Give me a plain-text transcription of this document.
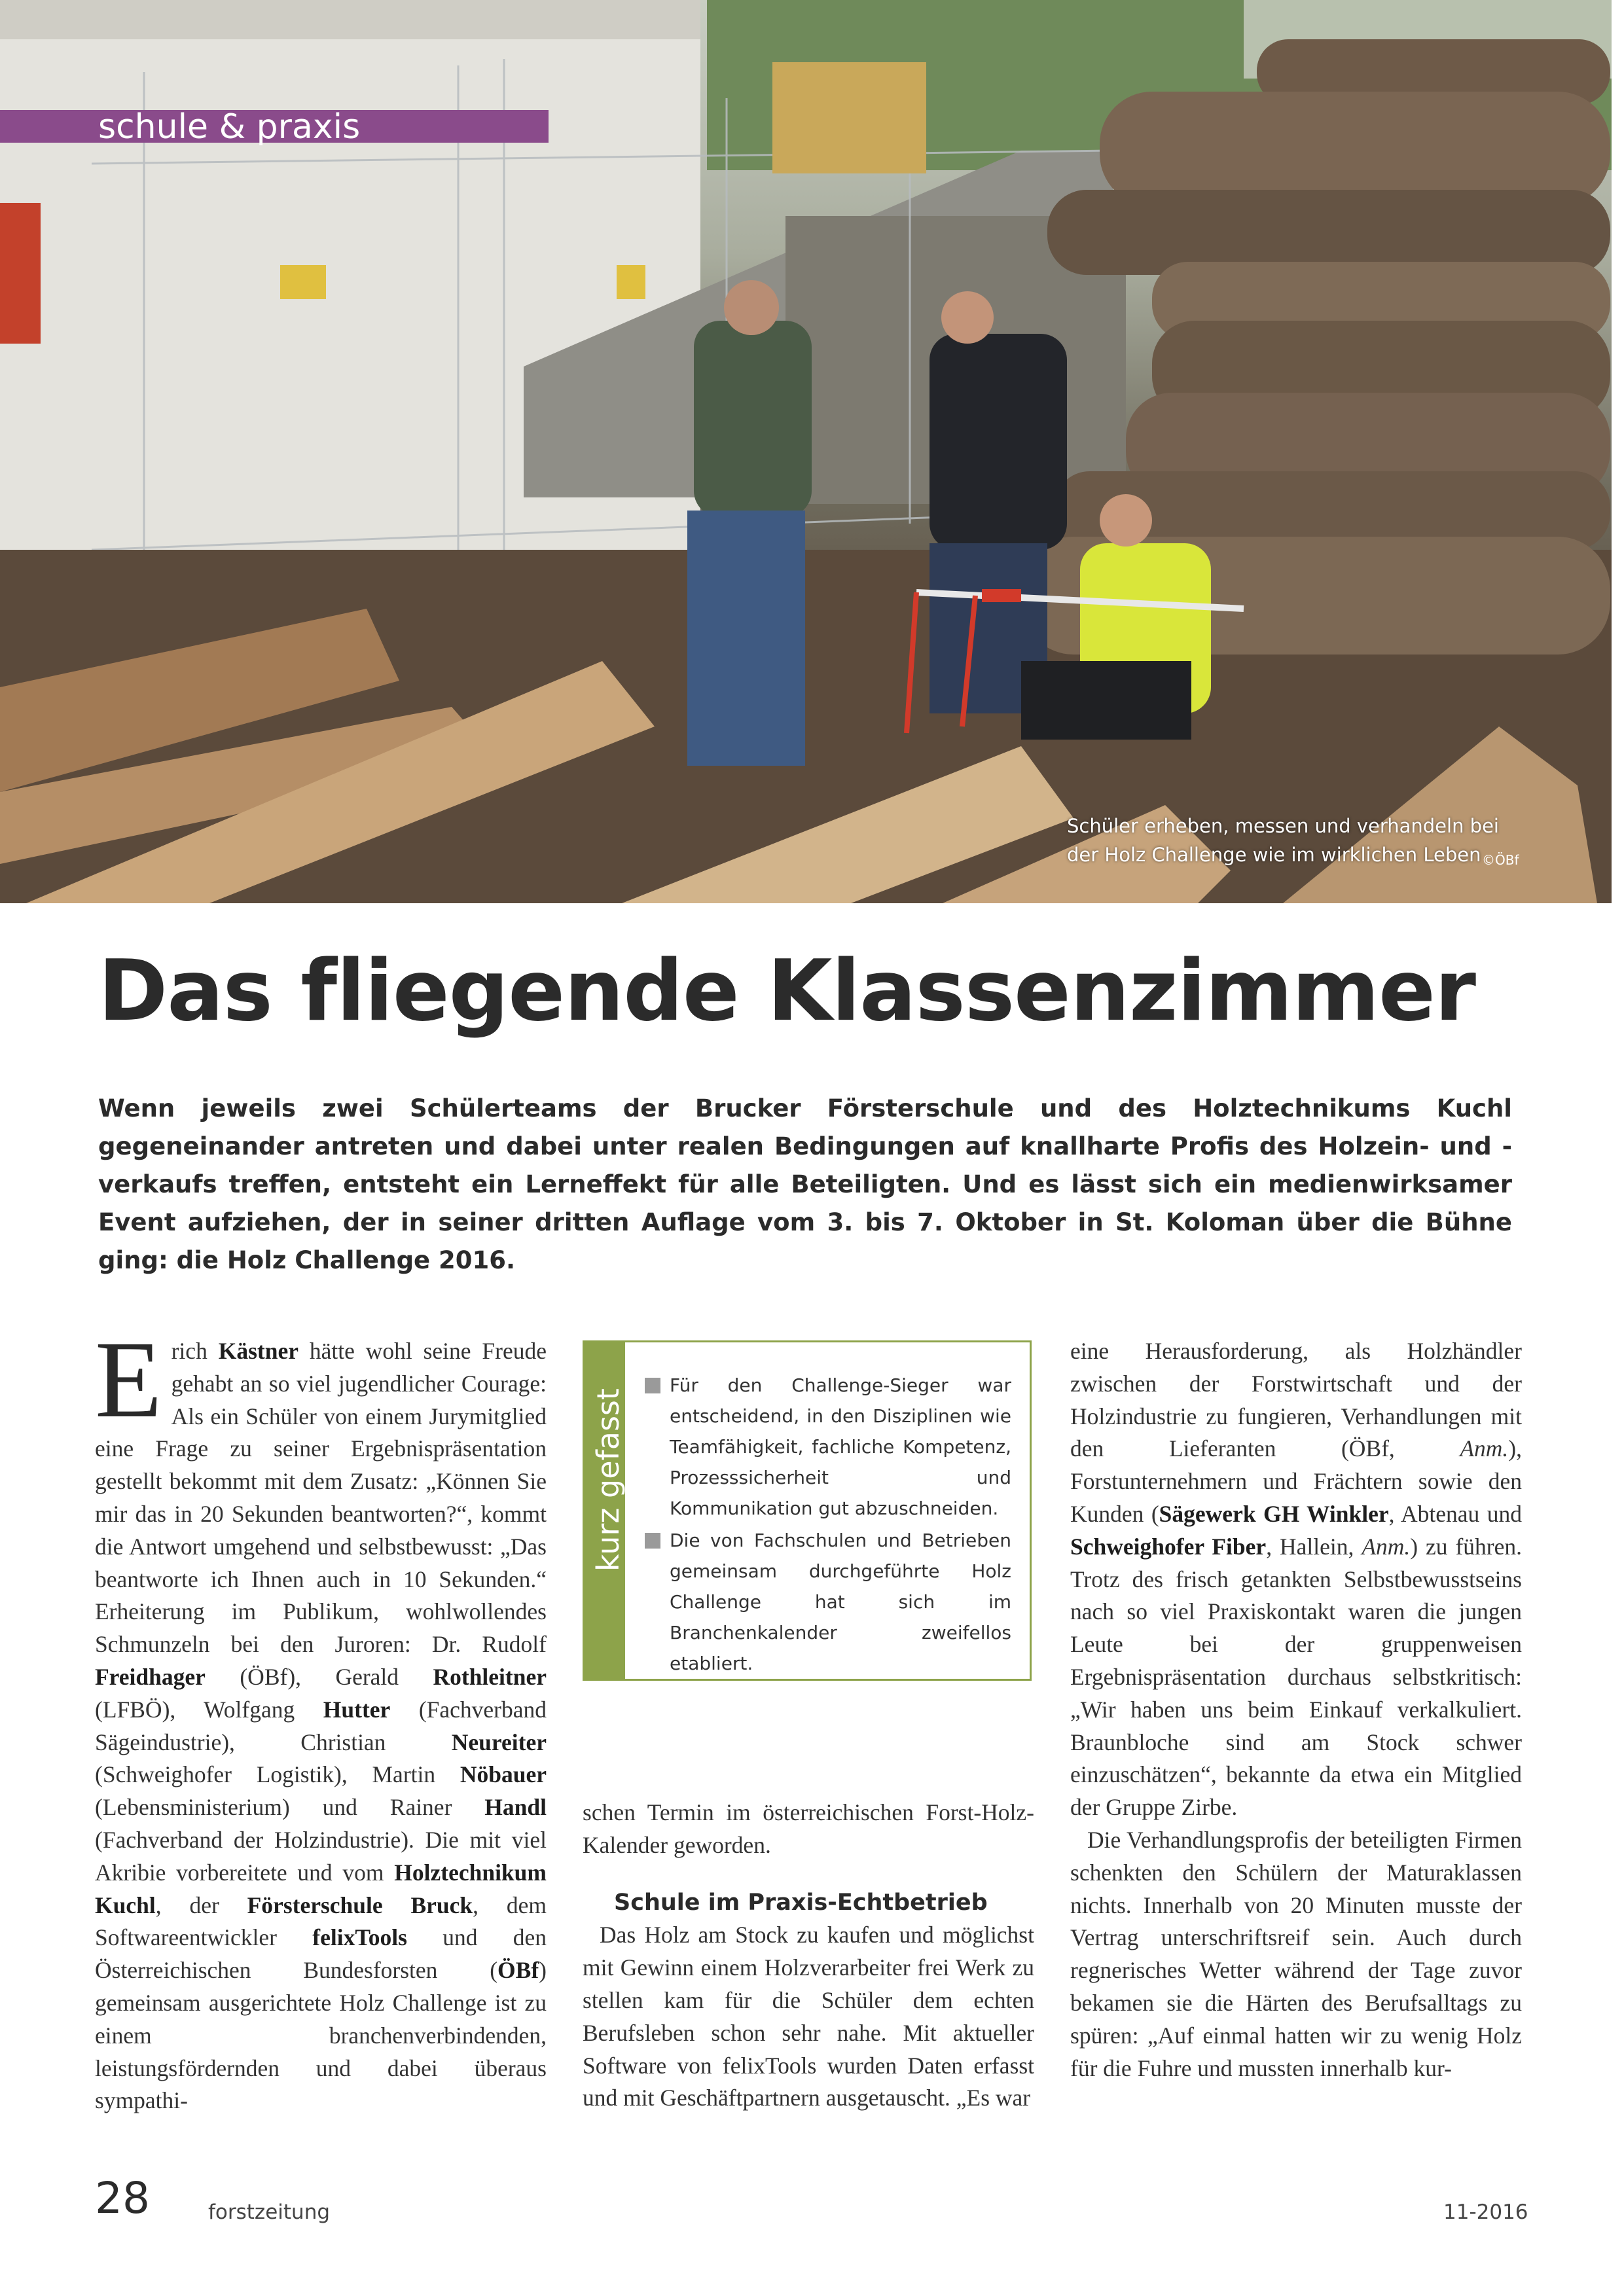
schule & praxis
Schüler erheben, messen und verhandeln bei der Holz Challenge wie im wirklichen Leben ©ÖBf
Das fliegende Klassenzimmer

Wenn jeweils zwei Schülerteams der Brucker Försterschule und des Holztechnikums Kuchl gegeneinander antreten und dabei unter realen Bedingungen auf knallharte Profis des Holzein- und -verkaufs treffen, entsteht ein Lerneffekt für alle Beteiligten. Und es lässt sich ein medienwirksamer Event aufziehen, der in seiner dritten Auflage vom 3. bis 7. Oktober in St. Koloman über die Bühne ging: die Holz Challenge 2016.

Erich Kästner hätte wohl seine Freude gehabt an so viel jugendlicher Courage: Als ein Schüler von einem Jurymitglied eine Frage zu seiner Ergebnispräsentation gestellt bekommt mit dem Zusatz: „Können Sie mir das in 20 Sekunden beantworten?“, kommt die Antwort umgehend und selbstbewusst: „Das beantworte ich Ihnen auch in 10 Sekunden.“ Erheiterung im Publikum, wohlwollendes Schmunzeln bei den Juroren: Dr. Rudolf Freidhager (ÖBf), Gerald Rothleitner (LFBÖ), Wolfgang Hutter (Fachverband Sägeindustrie), Christian Neureiter (Schweighofer Logistik), Martin Nöbauer (Lebensministerium) und Rainer Handl (Fachverband der Holzindustrie). Die mit viel Akribie vorbereitete und vom Holztechnikum Kuchl, der Försterschule Bruck, dem Softwareentwickler felixTools und den Österreichischen Bundesforsten (ÖBf) gemeinsam ausgerichtete Holz Challenge ist zu einem branchenverbindenden, leistungsfördernden und dabei überaus sympathi-

kurz gefasst
Für den Challenge-Sieger war entscheidend, in den Disziplinen wie Teamfähigkeit, fachliche Kompetenz, Prozesssicherheit und Kommunikation gut abzuschneiden.
Die von Fachschulen und Betrieben gemeinsam durchgeführte Holz Challenge hat sich im Branchenkalender zweifellos etabliert.

schen Termin im österreichischen Forst-Holz-Kalender geworden.

Schule im Praxis-Echtbetrieb

Das Holz am Stock zu kaufen und möglichst mit Gewinn einem Holzverarbeiter frei Werk zu stellen kam für die Schüler dem echten Berufsleben schon sehr nahe. Mit aktueller Software von felixTools wurden Daten erfasst und mit Geschäftpartnern ausgetauscht. „Es war

eine Herausforderung, als Holzhändler zwischen der Forstwirtschaft und der Holzindustrie zu fungieren, Verhandlungen mit den Lieferanten (ÖBf, Anm.), Forstunternehmern und Frächtern sowie den Kunden (Sägewerk GH Winkler, Abtenau und Schweighofer Fiber, Hallein, Anm.) zu führen. Trotz des frisch getankten Selbstbewusstseins nach so viel Praxiskontakt waren die jungen Leute bei der gruppenweisen Ergebnispräsentation durchaus selbstkritisch: „Wir haben uns beim Einkauf verkalkuliert. Braunbloche sind am Stock schwer einzuschätzen“, bekannte da etwa ein Mitglied der Gruppe Zirbe.

Die Verhandlungsprofis der beteiligten Firmen schenkten den Schülern der Maturaklassen nichts. Innerhalb von 20 Minuten musste der Vertrag unterschriftsreif sein. Auch durch regnerisches Wetter während der Tage zuvor bekamen sie die Härten des Berufsalltags zu spüren: „Auf einmal hatten wir zu wenig Holz für die Fuhre und mussten innerhalb kur-

28	forstzeitung	11-2016
